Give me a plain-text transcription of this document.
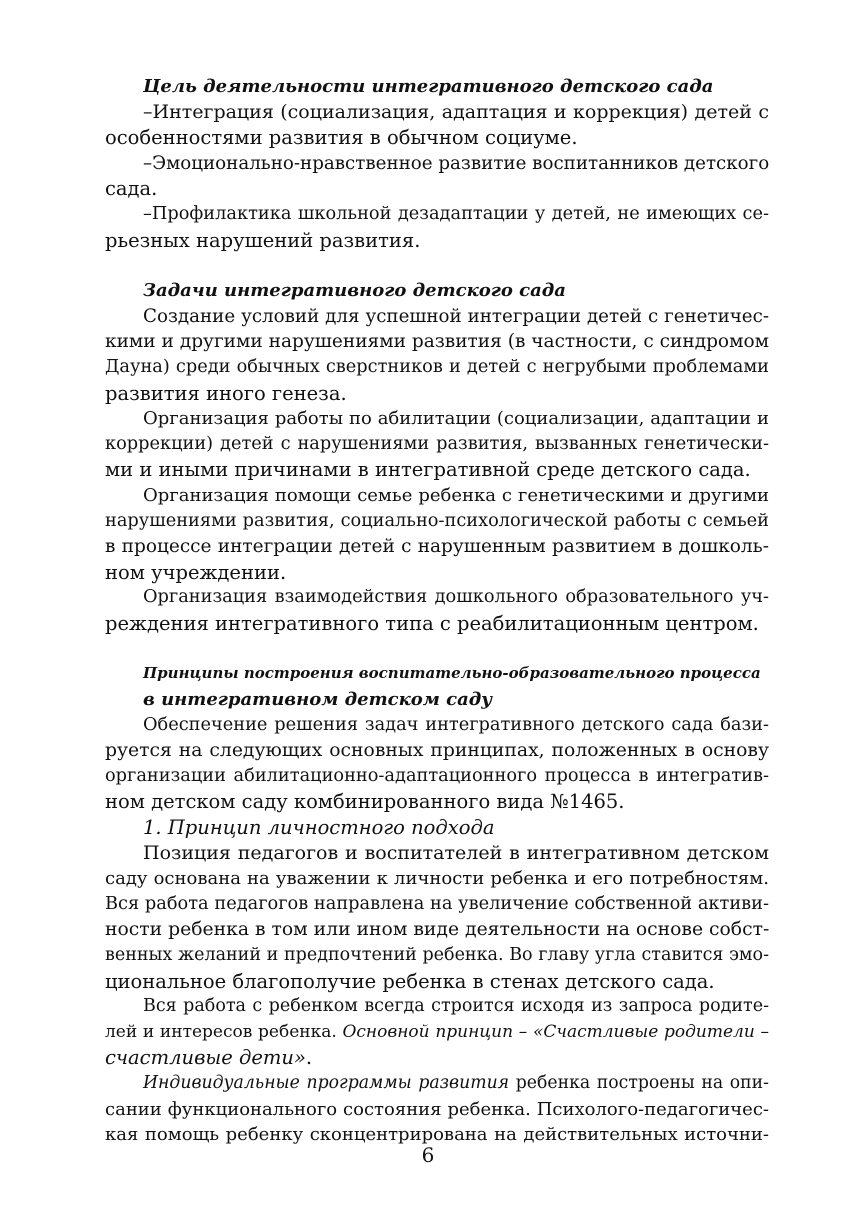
Цель деятельности интегративного детского сада
–Интеграция (социализация, адаптация и коррекция) детей с
особенностями развития в обычном социуме.
–Эмоционально-нравственное развитие воспитанников детского
сада.
–Профилактика школьной дезадаптации у детей, не имеющих се-
рьезных нарушений развития.
Задачи интегративного детского сада
Создание условий для успешной интеграции детей с генетичес-
кими и другими нарушениями развития (в частности, с синдромом
Дауна) среди обычных сверстников и детей с негрубыми проблемами
развития иного генеза.
Организация работы по абилитации (социализации, адаптации и
коррекции) детей с нарушениями развития, вызванных генетически-
ми и иными причинами в интегративной среде детского сада.
Организация помощи семье ребенка с генетическими и другими
нарушениями развития, социально-психологической работы с семьей
в процессе интеграции детей с нарушенным развитием в дошколь-
ном учреждении.
Организация взаимодействия дошкольного образовательного уч-
реждения интегративного типа с реабилитационным центром.
Принципы построения воспитательно-образовательного процесса
в интегративном детском саду
Обеспечение решения задач интегративного детского сада бази-
руется на следующих основных принципах, положенных в основу
организации абилитационно-адаптационного процесса в интегратив-
ном детском саду комбинированного вида №1465.
1. Принцип личностного подхода
Позиция педагогов и воспитателей в интегративном детском
саду основана на уважении к личности ребенка и его потребностям.
Вся работа педагогов направлена на увеличение собственной активи-
ности ребенка в том или ином виде деятельности на основе собст-
венных желаний и предпочтений ребенка. Во главу угла ставится эмо-
циональное благополучие ребенка в стенах детского сада.
Вся работа с ребенком всегда строится исходя из запроса родите-
лей и интересов ребенка. Основной принцип – «Счастливые родители –
счастливые дети».
Индивидуальные программы развития ребенка построены на опи-
сании функционального состояния ребенка. Психолого-педагогичес-
кая помощь ребенку сконцентрирована на действительных источни-
6
